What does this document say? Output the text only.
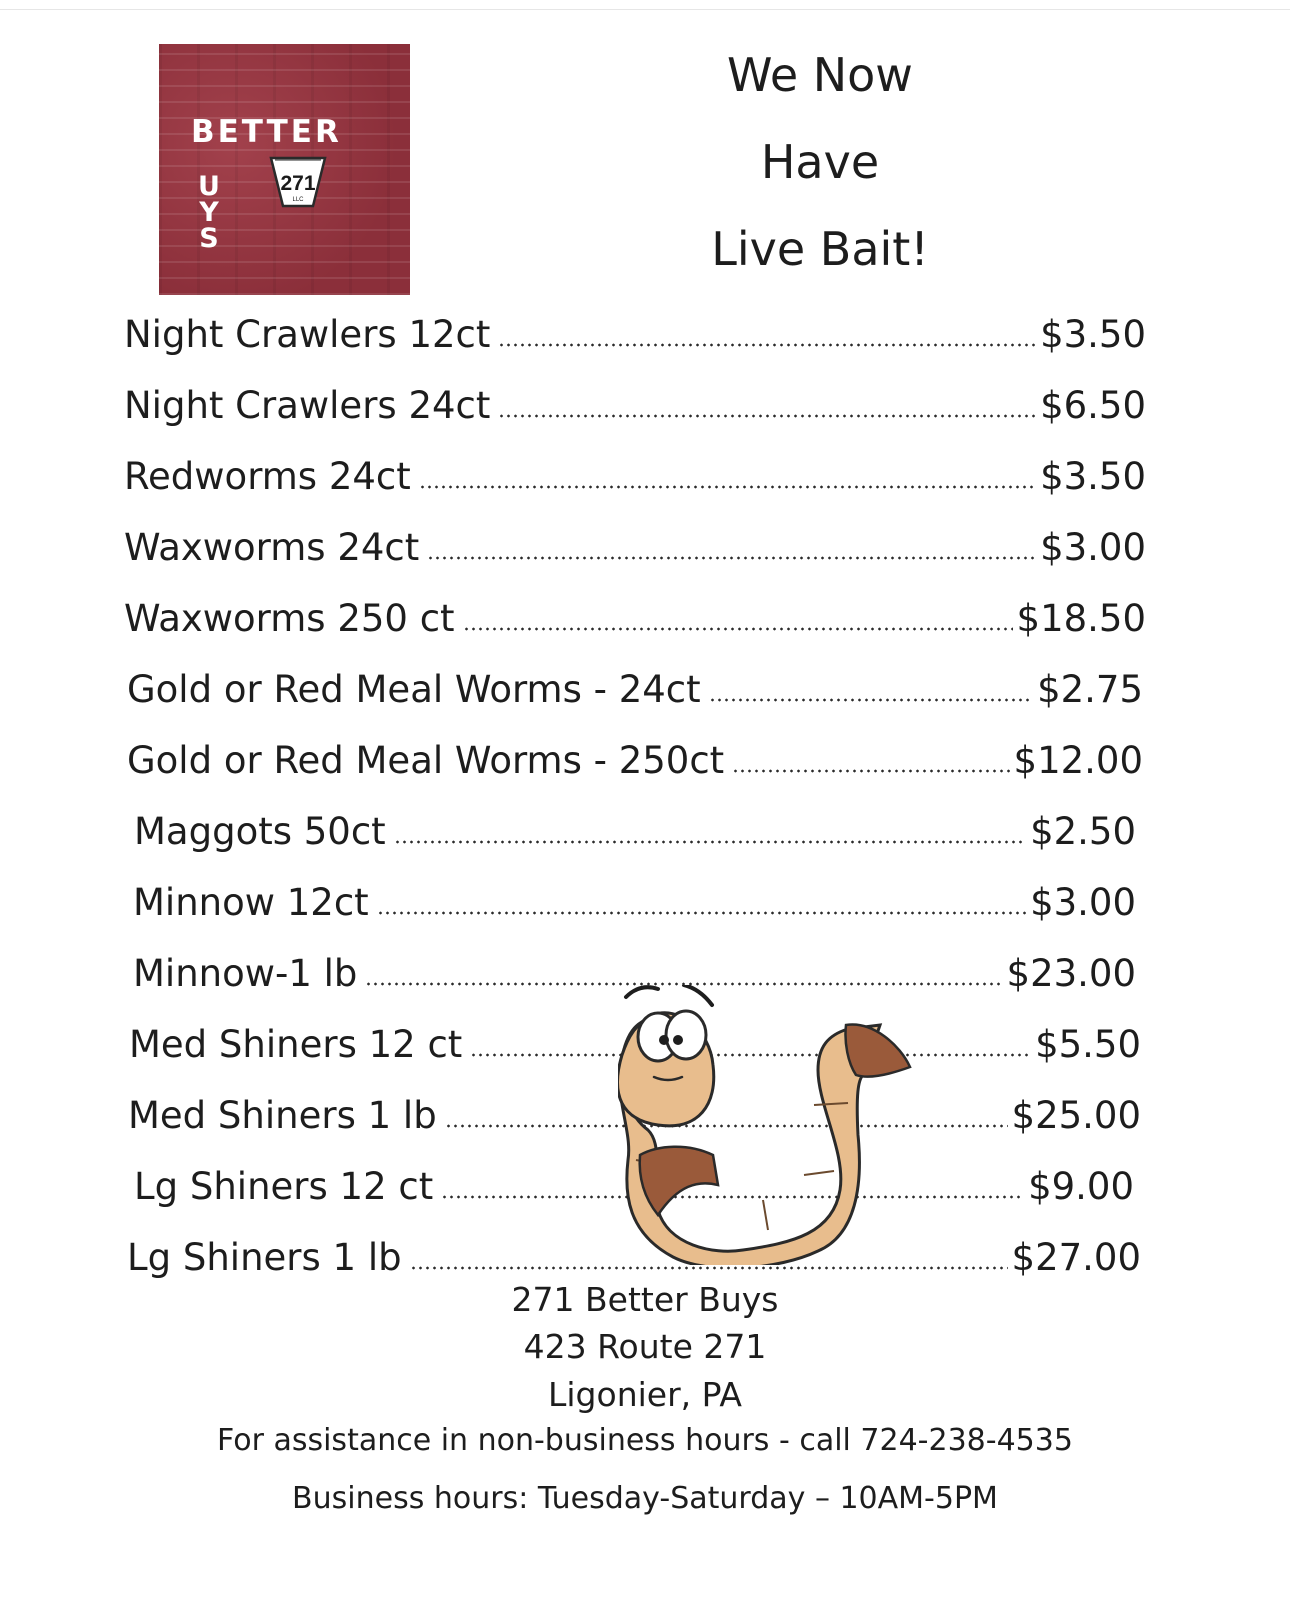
BETTER

U
Y
S
271
LLC
We Now
Have
Live Bait!
Night Crawlers 12ct	$3.50
Night Crawlers 24ct	$6.50
Redworms 24ct	$3.50
Waxworms 24ct	$3.00
Waxworms 250 ct	$18.50
Gold or Red Meal Worms - 24ct	$2.75
Gold or Red Meal Worms - 250ct	$12.00
Maggots 50ct	$2.50
Minnow 12ct	$3.00
Minnow-1 lb	$23.00
Med Shiners 12 ct	$5.50
Med Shiners 1 lb	$25.00
Lg Shiners 12 ct	$9.00
Lg Shiners 1 lb	$27.00
271 Better Buys
423 Route 271
Ligonier, PA
For assistance in non-business hours - call 724-238-4535
Business hours: Tuesday-Saturday – 10AM-5PM
